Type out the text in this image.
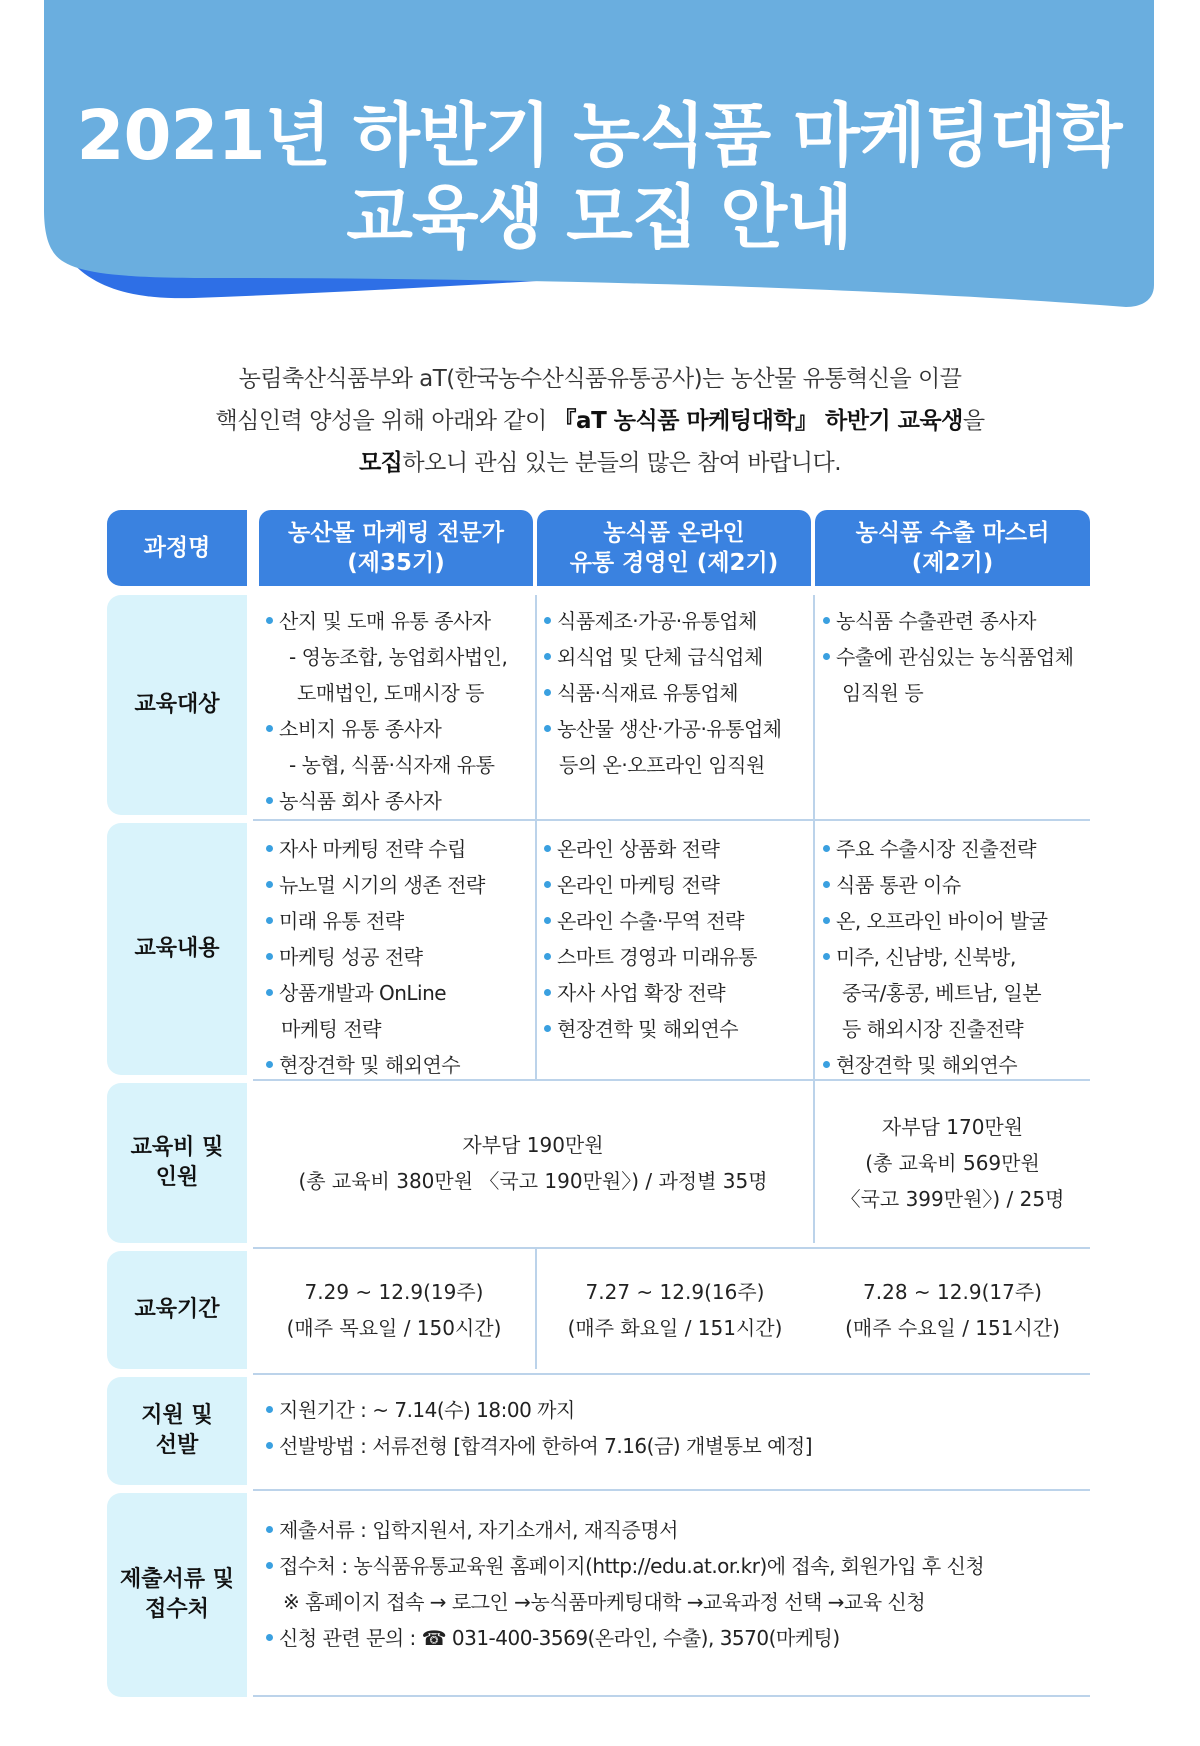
2021년 하반기 농식품 마케팅대학
교육생 모집 안내

농림축산식품부와 aT(한국농수산식품유통공사)는 농산물 유통혁신을 이끌

핵심인력 양성을 위해 아래와 같이 『aT 농식품 마케팅대학』 하반기 교육생을

모집하오니 관심 있는 분들의 많은 참여 바랍니다.

과정명
농산물 마케팅 전문가
(제35기)
농식품 온라인
유통 경영인 (제2기)
농식품 수출 마스터
(제2기)
교육대상
교육내용
교육비 및
인원
교육기간
지원 및
선발
제출서류 및
접수처
산지 및 도매 유통 종사자
- 영농조합, 농업회사법인,
도매법인, 도매시장 등
소비지 유통 종사자
- 농협, 식품·식자재 유통
농식품 회사 종사자
식품제조·가공·유통업체
외식업 및 단체 급식업체
식품·식재료 유통업체
농산물 생산·가공·유통업체
등의 온·오프라인 임직원
농식품 수출관련 종사자
수출에 관심있는 농식품업체
임직원 등
자사 마케팅 전략 수립
뉴노멀 시기의 생존 전략
미래 유통 전략
마케팅 성공 전략
상품개발과 OnLine
마케팅 전략
현장견학 및 해외연수
온라인 상품화 전략
온라인 마케팅 전략
온라인 수출·무역 전략
스마트 경영과 미래유통
자사 사업 확장 전략
현장견학 및 해외연수
주요 수출시장 진출전략
식품 통관 이슈
온, 오프라인 바이어 발굴
미주, 신남방, 신북방,
중국/홍콩, 베트남, 일본
등 해외시장 진출전략
현장견학 및 해외연수
자부담 190만원
(총 교육비 380만원 〈국고 190만원〉) / 과정별 35명
자부담 170만원
(총 교육비 569만원
〈국고 399만원〉) / 25명
7.29 ~ 12.9(19주)
(매주 목요일 / 150시간)
7.27 ~ 12.9(16주)
(매주 화요일 / 151시간)
7.28 ~ 12.9(17주)
(매주 수요일 / 151시간)
지원기간 : ~ 7.14(수) 18:00 까지
선발방법 : 서류전형 [합격자에 한하여 7.16(금) 개별통보 예정]
제출서류 : 입학지원서, 자기소개서, 재직증명서
접수처 : 농식품유통교육원 홈페이지(http://edu.at.or.kr)에 접속, 회원가입 후 신청
※ 홈페이지 접속 → 로그인 →농식품마케팅대학 →교육과정 선택 →교육 신청
신청 관련 문의 : ☎ 031-400-3569(온라인, 수출), 3570(마케팅)
